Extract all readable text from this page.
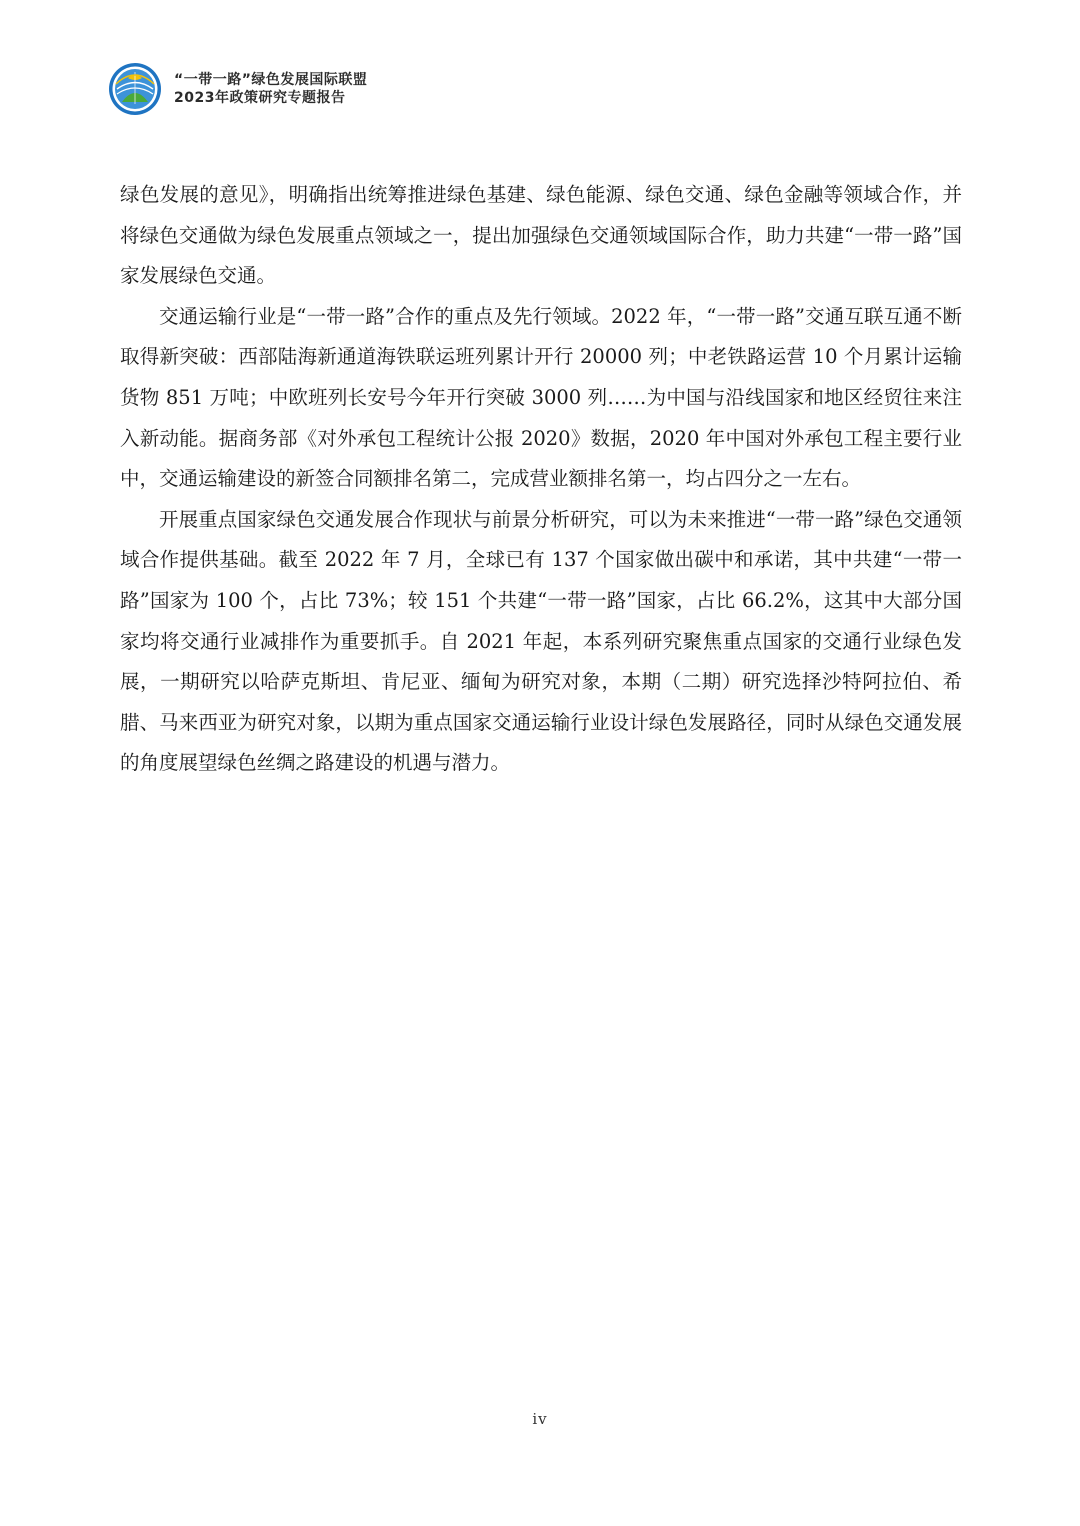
“一带一路”绿色发展国际联盟
2023年政策研究专题报告

绿色发展的意见》，明确指出统筹推进绿色基建、绿色能源、绿色交通、绿色金融等领域合作，并将绿色交通做为绿色发展重点领域之一，提出加强绿色交通领域国际合作，助力共建“一带一路”国家发展绿色交通。

交通运输行业是“一带一路”合作的重点及先行领域。2022 年，“一带一路”交通互联互通不断取得新突破：西部陆海新通道海铁联运班列累计开行 20000 列；中老铁路运营 10 个月累计运输货物 851 万吨；中欧班列长安号今年开行突破 3000 列……为中国与沿线国家和地区经贸往来注入新动能。据商务部《对外承包工程统计公报 2020》数据，2020 年中国对外承包工程主要行业中，交通运输建设的新签合同额排名第二，完成营业额排名第一，均占四分之一左右。

开展重点国家绿色交通发展合作现状与前景分析研究，可以为未来推进“一带一路”绿色交通领域合作提供基础。截至 2022 年 7 月，全球已有 137 个国家做出碳中和承诺，其中共建“一带一路”国家为 100 个，占比 73%；较 151 个共建“一带一路”国家，占比 66.2%，这其中大部分国家均将交通行业减排作为重要抓手。自 2021 年起，本系列研究聚焦重点国家的交通行业绿色发展，一期研究以哈萨克斯坦、肯尼亚、缅甸为研究对象，本期（二期）研究选择沙特阿拉伯、希腊、马来西亚为研究对象，以期为重点国家交通运输行业设计绿色发展路径，同时从绿色交通发展的角度展望绿色丝绸之路建设的机遇与潜力。

iv
